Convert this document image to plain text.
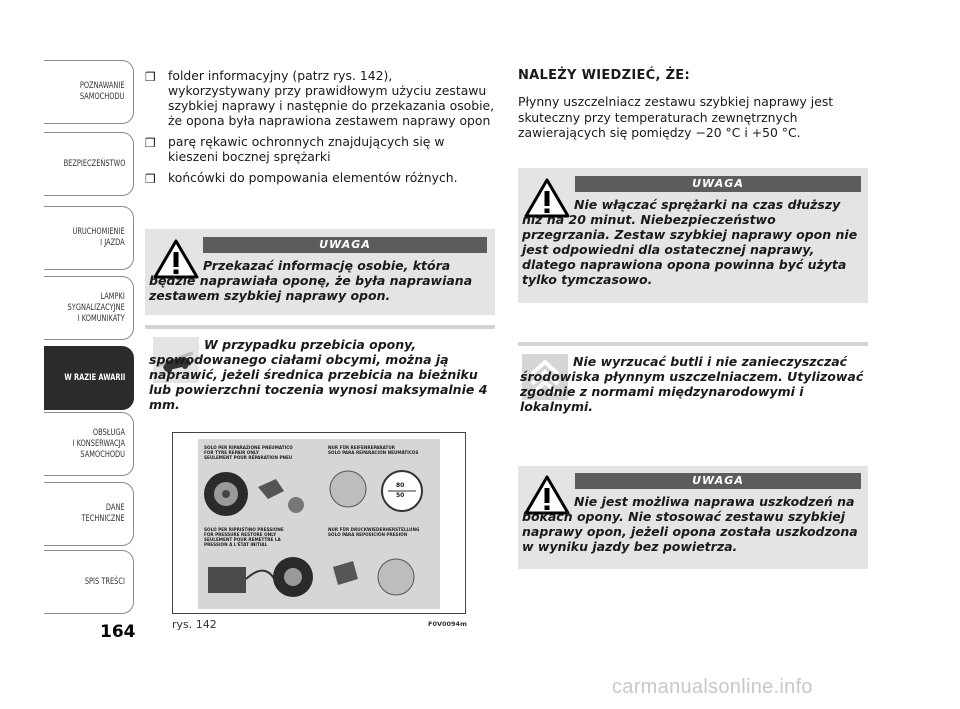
POZNAWANIE
SAMOCHODU
BEZPIECZEŃSTWO
URUCHOMIENIE
I JAZDA
LAMPKI
SYGNALIZACYJNE
I KOMUNIKATY
W RAZIE AWARII
OBSŁUGA
I KONSERWACJA
SAMOCHODU
DANE
TECHNICZNE
SPIS TREŚCI
164
❒ folder informacyjny (patrz rys. 142), wykorzystywany przy prawidłowym użyciu zestawu szybkiej naprawy i następnie do przekazania osobie, że opona była naprawiona zestawem naprawy opon
❒ parę rękawic ochronnych znajdujących się w kieszeni bocznej sprężarki
❒ końcówki do pompowania elementów różnych.
UWAGA
Przekazać informację osobie, która będzie naprawiała oponę, że była naprawiana zestawem szybkiej naprawy opon.
W przypadku przebicia opony, spowodowanego ciałami obcymi, można ją naprawić, jeżeli średnica przebicia na bieżniku lub powierzchni toczenia wynosi maksymalnie 4 mm.
SOLO PER RIPARAZIONE PNEUMATICO
FOR TYRE REPAIR ONLY
SEULEMENT POUR RÉPARATION PNEU
NUR FÜR REIFENREPARATUR
SOLO PARA REPARACIÓN NEUMÁTICOS
SOLO PER RIPRISTINO PRESSIONE
FOR PRESSURE RESTORE ONLY
SEULEMENT POUR REMETTRE LA
PRESSION À L'ÉTAT INITIAL
NUR FÜR DRUCKWIEDERHERSTELLUNG
SOLO PARA REPOSICIÓN PRESIÓN
80
50
rys. 142	F0V0094m
NALEŻY WIEDZIEĆ, ŻE:
Płynny uszczelniacz zestawu szybkiej naprawy jest skuteczny przy temperaturach zewnętrznych zawierających się pomiędzy −20 °C i +50 °C.
UWAGA
Nie włączać sprężarki na czas dłuższy niż na 20 minut. Niebezpieczeństwo przegrzania. Zestaw szybkiej naprawy opon nie jest odpowiedni dla ostatecznej naprawy, dlatego naprawiona opona powinna być użyta tylko tymczasowo.
Nie wyrzucać butli i nie zanieczyszczać środowiska płynnym uszczelniaczem. Utylizować zgodnie z normami międzynarodowymi i lokalnymi.
UWAGA
Nie jest możliwa naprawa uszkodzeń na bokach opony. Nie stosować zestawu szybkiej naprawy opon, jeżeli opona została uszkodzona w wyniku jazdy bez powietrza.
carmanualsonline.info
